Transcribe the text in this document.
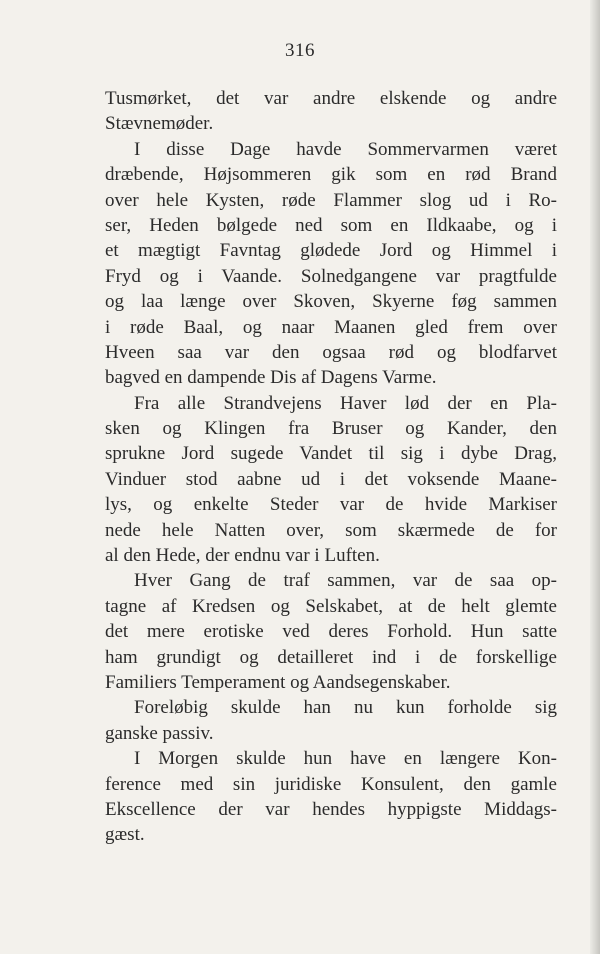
316
Tusmørket, det var andre elskende og andre
Stævnemøder.
I disse Dage havde Sommervarmen været
dræbende, Højsommeren gik som en rød Brand
over hele Kysten, røde Flammer slog ud i Ro-
ser, Heden bølgede ned som en Ildkaabe, og i
et mægtigt Favntag glødede Jord og Himmel i
Fryd og i Vaande. Solnedgangene var pragtfulde
og laa længe over Skoven, Skyerne føg sammen
i røde Baal, og naar Maanen gled frem over
Hveen saa var den ogsaa rød og blodfarvet
bagved en dampende Dis af Dagens Varme.
Fra alle Strandvejens Haver lød der en Pla-
sken og Klingen fra Bruser og Kander, den
sprukne Jord sugede Vandet til sig i dybe Drag,
Vinduer stod aabne ud i det voksende Maane-
lys, og enkelte Steder var de hvide Markiser
nede hele Natten over, som skærmede de for
al den Hede, der endnu var i Luften.
Hver Gang de traf sammen, var de saa op-
tagne af Kredsen og Selskabet, at de helt glemte
det mere erotiske ved deres Forhold. Hun satte
ham grundigt og detailleret ind i de forskellige
Familiers Temperament og Aandsegenskaber.
Foreløbig skulde han nu kun forholde sig
ganske passiv.
I Morgen skulde hun have en længere Kon-
ference med sin juridiske Konsulent, den gamle
Ekscellence der var hendes hyppigste Middags-
gæst.
